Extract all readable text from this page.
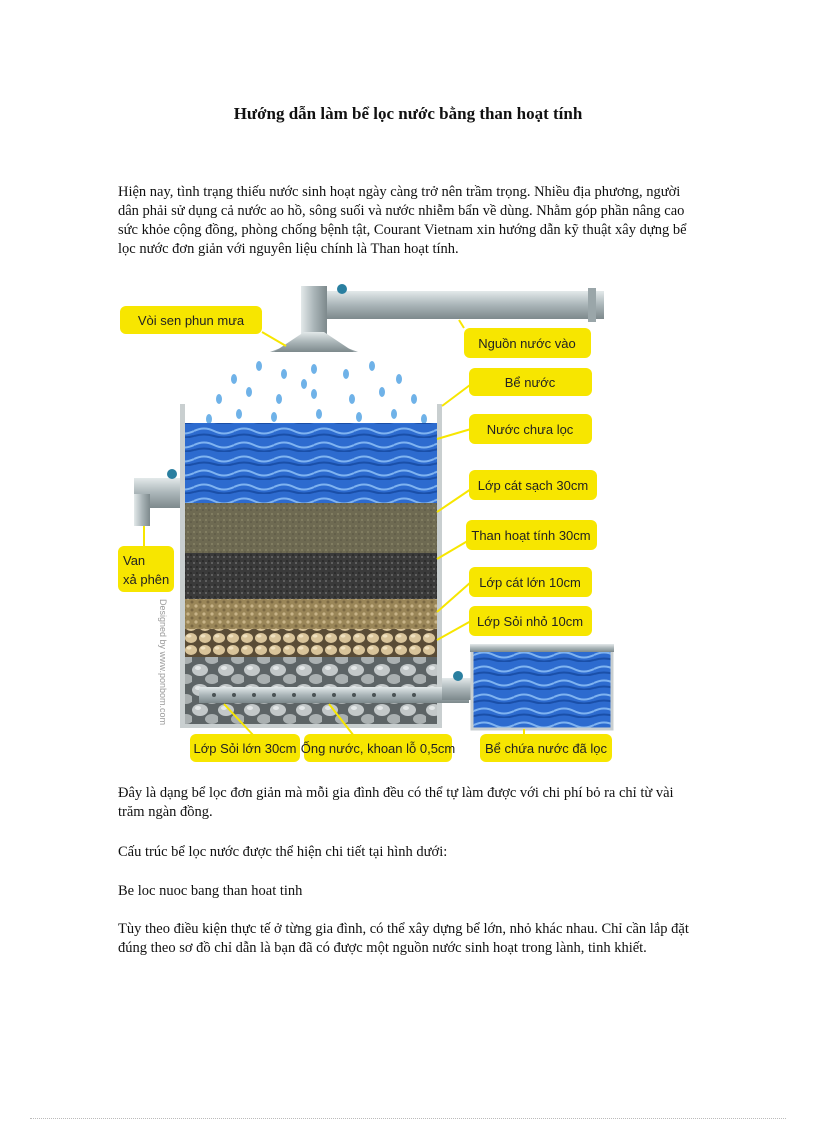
Hướng dẫn làm bể lọc nước bằng than hoạt tính

Hiện nay, tình trạng thiếu nước sinh hoạt ngày càng trở nên trầm trọng. Nhiều địa phương, người dân phải sử dụng cả nước ao hồ, sông suối và nước nhiễm bẩn về dùng. Nhằm góp phần nâng cao sức khỏe cộng đồng, phòng chống bệnh tật, Courant Vietnam xin hướng dẫn kỹ thuật xây dựng bể lọc nước đơn giản với nguyên liệu chính là Than hoạt tính.

Designed by www.ponbom.com
Vòi sen phun mưa
Nguồn nước vào
Bể nước
Nước chưa lọc
Lớp cát sạch 30cm
Than hoạt tính 30cm
Lớp cát lớn 10cm
Lớp Sỏi nhỏ 10cm
Van
xả phên
Lớp Sỏi lớn 30cm Ống nước, khoan lỗ 0,5cm Bể chứa nước đã lọc

Đây là dạng bể lọc đơn giản mà mỗi gia đình đều có thể tự làm được với chi phí bỏ ra chỉ từ vài trăm ngàn đồng.

Cấu trúc bể lọc nước được thể hiện chi tiết tại hình dưới:

Be loc nuoc bang than hoat tinh

Tùy theo điều kiện thực tế ở từng gia đình, có thể xây dựng bể lớn, nhỏ khác nhau. Chỉ cần lắp đặt đúng theo sơ đồ chỉ dẫn là bạn đã có được một nguồn nước sinh hoạt trong lành, tinh khiết.
